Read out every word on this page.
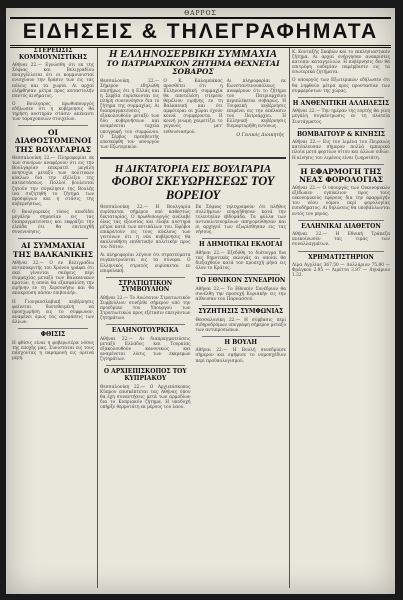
ΘΑΡΡΟΣ
ΕΙΔΗΣΕΙΣ & ΤΗΛΕΓΡΑΦΗΜΑΤΑ
ΣΤΕΡΕΩΣΙΣ ΚΟΜΜΟΥΝΙΣΤΙΚΗΣ
Αθήναι 22.— Εγνώσθη ότι εκ της Σόφιας και Βελιγραδίου αναγγέλλεται ότι οι κομμουνισταί ενισχύουν την δράσιν των εις τας πόλεις και τα χωρία. Αι αρχαί ελήφθησαν μέτρα προς καταστολήν παντός κινήματος.
Ο Βουλγαρος πρωθυπουργός εδήλωσεν ότι η κυβέρνησις θα τηρήση αυστηράν στάσιν απέναντι των ταραχοποιών στοιχείων.
ΟΙ ΔΙΑΘΟΣΤΟΜΕΝΟΙ ΤΗΣ ΒΟΥΛΓΑΡΙΑΣ
Θεσσαλονίκη 22.— Πληροφορίαι εκ των συνόρων αναφέρουν ότι εις την Βουλγαρίαν επικρατεί μεγάλη ανησυχία μεταξύ των πολιτικών κύκλων δια την εξέλιξιν της καταστάσεως. Πολλοί βουλευταί ζητούν την σύγκλησιν της Βουλής ίνα συζητηθή το ζήτημα των προσφύγων και η στάσις της κυβερνήσεως.
Ο Βουλγαρικός τύπος αποδίδει μεγάλην σημασίαν εις τας διαπραγματεύσεις και εκφράζει την ελπίδα ότι θα επιτευχθή συνεννόησις.
ΑΙ ΣΥΜΜΑΧΙΑΙ ΤΗΣ ΒΑΛΚΑΝΙΚΗΣ
Αθήναι 22.— Ο εν Βελιγραδίω ανταποκριτής του Χρόνου γράφει ότι εκεί γίνονται σκέψεις περί συμμαχίας μεταξύ των Βαλκανικών κρατών, η οποία θα εξασφαλίση την ειρήνην εν τη Χερσονήσω και θα αποκρούση πάσαν επιβουλήν.
Η Γιουγκοσλαβική κυβέρνησις φαίνεται διατεθειμένη να προσχωρήση εις το σύμφωνον, αναμένει όμως τας αποφάσεις των άλλων.
ΦΘΙΣΙΣ
Η φθίσις είναι η φοβερωτέρα νόσος της εποχής μας. Συνιστάται εις τους πάσχοντας η παραμονή εις ορεινά μέρη.
Η ΕΛΛΗΝΟΣΕΡΒΙΚΗ ΣΥΜΜΑΧΙΑ
ΤΟ ΠΑΤΡΙΑΡΧΙΚΟΝ ΖΗΤΗΜΑ ΘΕΧΝΕΤΑΙ ΣΟΒΑΡΟΣ
Θεσσαλονίκη 22.— Σήμερον εδηλώθη επισήμως ότι η Ελλάς και η Σερβία ευρίσκονται εις πλήρη συνεννόησιν δια το ζήτημα της συμμαχίας. Αι διαπραγματεύσεις εξακολουθούν μεταξύ των δύο κυβερνήσεων και αναμένεται ταχεία υπογραφή του συμφώνου. Ο Σέρβος πρεσβευτής επεσκέφθη τον υπουργόν των Εξωτερικών.
Ο Κ. Καλαμπάκας προσθέτει ότι η Ελληνοσερβική συμμαχία θα αποτελέση στερεόν θεμέλιον ειρήνης εν τη Βαλκανική και ότι αμφότεραι αι χώραι έχουν κοινά συμφέροντα. Η κοινή γνώμη χαιρετίζει το γεγονός μετ' ενθουσιασμού.
Αι πληροφορίαι εκ Κωνσταντινουπόλεως αναφέρουν ότι το ζήτημα του Πατριαρχείου περιπλέκεται σοβαρώς. Η Τουρκική κυβέρνησις επιμένει εις την απέλασιν του Πατριάρχου. Η Ελληνική κυβέρνησις διεμαρτυρήθη εντόνως.
Ο Γενικός Διοικητής
Η ΔΙΚΤΑΤΟΡΙΑ ΕΙΣ ΒΟΥΛΓΑΡΙΑ
ΦΟΒΟΙ ΣΚΕΥΩΡΗΣΕΩΣ ΤΟΥ ΒΟΡΕΙΟΥ
Θεσσαλονίκη 22.— Η Βουλγαρία ευρίσκεται σήμερον υπό καθεστώς δικτατορίας. Ο πρωθυπουργός ανέλαβε όλας τας εξουσίας και έλαβε αυστηρά μέτρα κατά των αντιπάλων του. Εφόβοι επικρατούν εις τους κύκλους των γειτόνων ότι η νέα κυβέρνησις θα ακολουθήση επιθετικήν πολιτικήν προς τον Νότον.
Αι πληροφορίαι λέγουν ότι στρατεύματα συγκεντρούνται εις τα σύνορα. Ο Ελληνικός στρατός ευρίσκεται εν επιφυλακή.
ΣΤΡΑΤΙΩΤΙΚΟΝ ΣΥΜΒΟΥΛΙΟΝ
Αθήναι 22.— Το Ανώτατον Στρατιωτικόν Συμβούλιον συνήλθε σήμερον υπό την προεδρίαν του Υπουργού των Στρατιωτικών προς εξέτασιν επειγόντων ζητημάτων.
ΕΛΛΗΝΟΤΟΥΡΚΙΚΑ
Αθήναι 22.— Αι διαπραγματεύσεις μεταξύ Ελλάδος και Τουρκίας εξακολουθούν κανονικώς και αναμένεται λύσις των εκκρεμών ζητημάτων.
Ο ΑΡΧΙΕΠΙΣΚΟΠΟΣ ΤΟΥ ΚΥΠΡΙΑΚΟΥ
Θεσσαλονίκη 22.— Ο Αρχιεπίσκοπος Κύπρου επισκέπτεται τας Αθήνας όπου θα έχη συναντήσεις μετά των αρμοδίων δια το Κυπριακόν ζήτημα. Η υποδοχή υπήρξε θερμοτάτη εκ μέρους του λαού.
Εκ Σόφιας τηλεγραφούν ότι πλήθος συλλήψεων ενηργήθησαν κατά την τελευταίαν εβδομάδα. Τα φύλλα των αντιπολιτευομένων απηγορεύθησαν και οι αρχηγοί των εξωρίσθησαν εις τας νήσους.
Η ΔΗΜΟΤΙΚΑΙ ΕΚΛΟΓΑΙ
Αθήναι 22.— Εξεδόθη το διάταγμα δια τας δημοτικάς εκλογάς αι οποίαι θα διεξαχθούν κατά τον προσεχή μήνα εις όλον το Κράτος.
ΤΟ ΕΘΝΙΚΟΝ ΣΥΝΕΔΡΙΟΝ
Αθήναι 22.— Το Εθνικόν Συνέδριον θα συνέλθη την προσεχή Κυριακήν εις την αίθουσαν του Παρνασσού.
ΣΥΖΗΤΗΣΙΣ ΣΥΜΦΩΝΙΑΣ
Θεσσαλονίκη 22.— Η σύμβασις περί σιδηροδρόμων υπεγράφη σήμερον μεταξύ των αντιπροσώπων.
Η ΒΟΥΛΗ
Αθήναι 22.— Η Βουλή συνεδρίασε σήμερον και εψήφισε το νομοσχέδιον περί προϋπολογισμού.
Κ. Κονταξής Σκαβών και το εκκλησιαστικόν ζήτημα. Αι αρχαί ενήργησαν ανακρίσεις κατόπιν καταγγελιών. Η κυβέρνησις δεν θα επιτρέψη ουδεμίαν παρέμβασιν εις τα εσωτερικά ζητήματα.
Ο υπουργός των Εξωτερικών εδήλωσεν ότι θα ληφθούν μέτρα προς προστασίαν των συμφερόντων της χώρας.
Η ΑΝΘΕΝΙΤΙΚΗ ΑΛΛΗΛΕΣΙΣ
Αθήναι 22.— Την ημέραν της εορτής θα γίνη μεγάλη συγκέντρωσις εν τη πλατεία Συντάγματος.
ΒΟΜΒΑΙΤΟΥΡ & ΚΙΝΗΣΙΣ
Αθήναι 22.— Εις τον λιμένα του Πειραιώς κατέπλευσαν σήμερον πολλά εμπορικά πλοία μετά φορτίων σίτου και άλλων ειδών. Η κίνησις του λιμένος είναι ζωηροτάτη.
Η ΕΦΑΡΜΟΓΗ ΤΗΣ ΝΕΑΣ ΦΟΡΟΛΟΓΙΑΣ
Αθήναι 22.— Ο υπουργός των Οικονομικών εξέδωκεν εγκύκλιον προς τους οικονομικούς εφόρους δια την εφαρμογήν του νέου νόμου περί φορολογίας εισοδήματος. Αι δηλώσεις θα υποβάλλωνται εντός του μηνός.
ΕΛΛΗΝΙΚΑΙ ΔΙΑΘΕΤΟΝ
Αθήναι 22.— Η Εθνική Τράπεζα ανεκοίνωσεν τας τιμάς των συναλλαγμάτων.
ΧΡΗΜΑΤΙΣΤΗΡΙΟΝ
Λίρα Αγγλίας 367.50 — Δολλάριον 75.80 — Φράγκον 2.95 — Λιρέττα 3.87 — Δηνάριον 1.32.
